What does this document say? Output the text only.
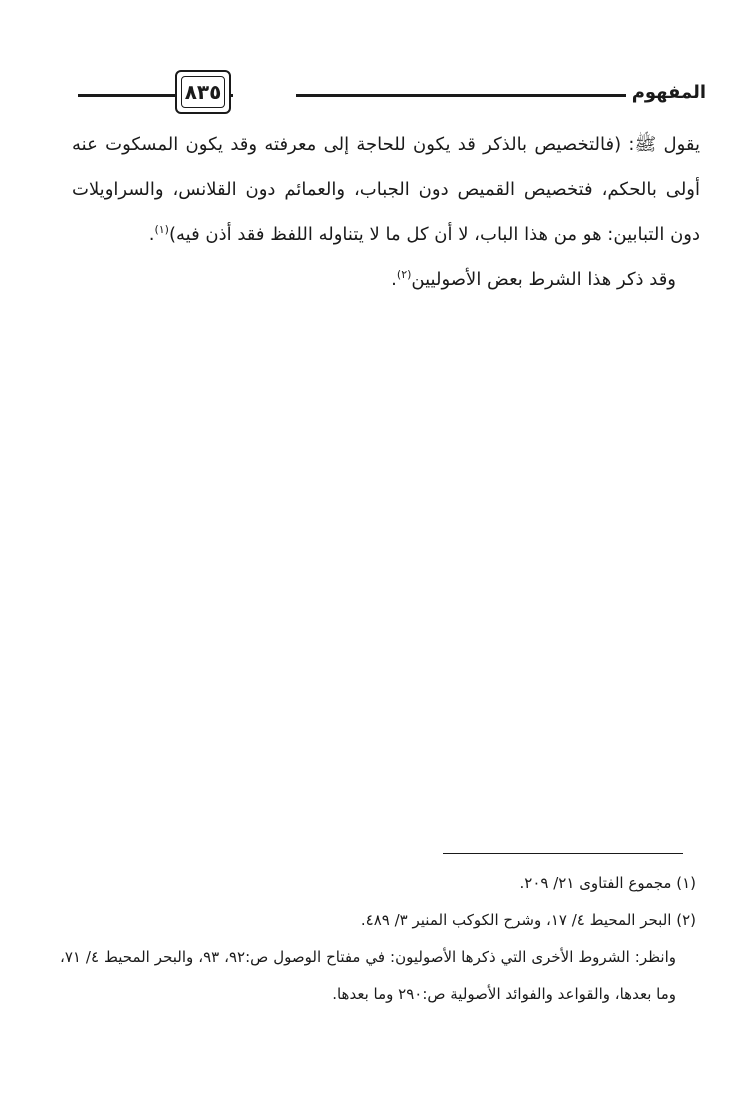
٨٣٥	المفهوم

يقول ﷺ: (فالتخصيص بالذكر قد يكون للحاجة إلى معرفته وقد يكون المسكوت عنه أولى بالحكم، فتخصيص القميص دون الجباب، والعمائم دون القلانس، والسراويلات دون التبابين: هو من هذا الباب، لا أن كل ما لا يتناوله اللفظ فقد أذن فيه)$^{(١)}$.

وقد ذكر هذا الشرط بعض الأصوليين$^{(٢)}$.

(١) مجموع الفتاوى ٢١/ ٢٠٩.

(٢) البحر المحيط ٤/ ١٧، وشرح الكوكب المنير ٣/ ٤٨٩.

وانظر: الشروط الأخرى التي ذكرها الأصوليون: في مفتاح الوصول ص:٩٢، ٩٣، والبحر المحيط ٤/ ٧١، وما بعدها، والقواعد والفوائد الأصولية ص:٢٩٠ وما بعدها.
